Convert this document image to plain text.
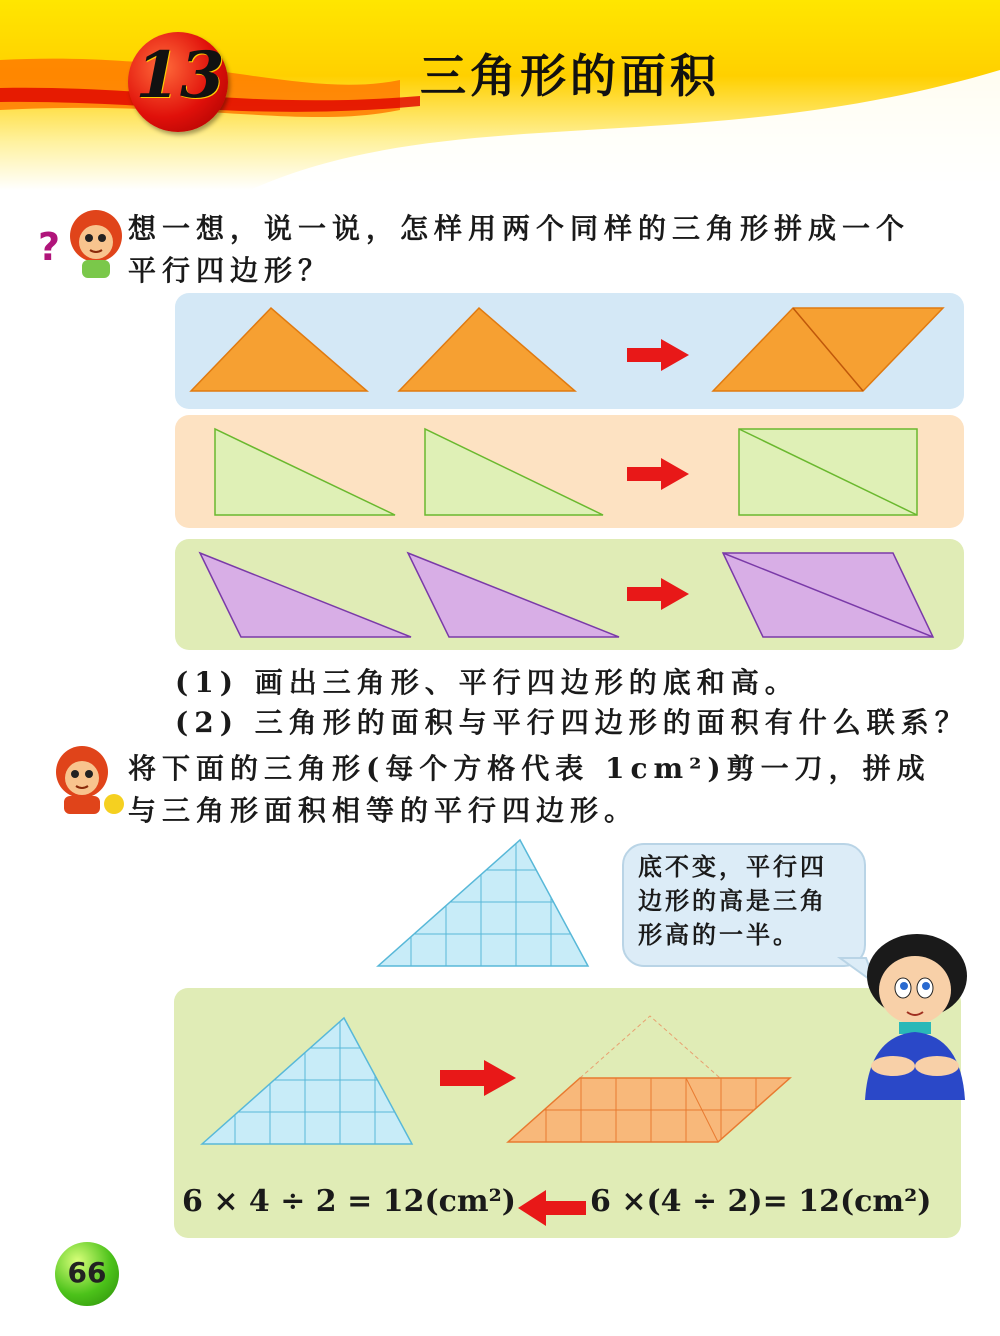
13	三角形的面积
? 想一想，说一说，怎样用两个同样的三角形拼成一个
平行四边形？
(1) 画出三角形、平行四边形的底和高。
(2) 三角形的面积与平行四边形的面积有什么联系？
将下面的三角形(每个方格代表 1cm²)剪一刀，拼成
与三角形面积相等的平行四边形。
底不变，平行四
边形的高是三角
形高的一半。
6 × 4 ÷ 2 = 12(cm²) 6 ×(4 ÷ 2)= 12(cm²)
66
